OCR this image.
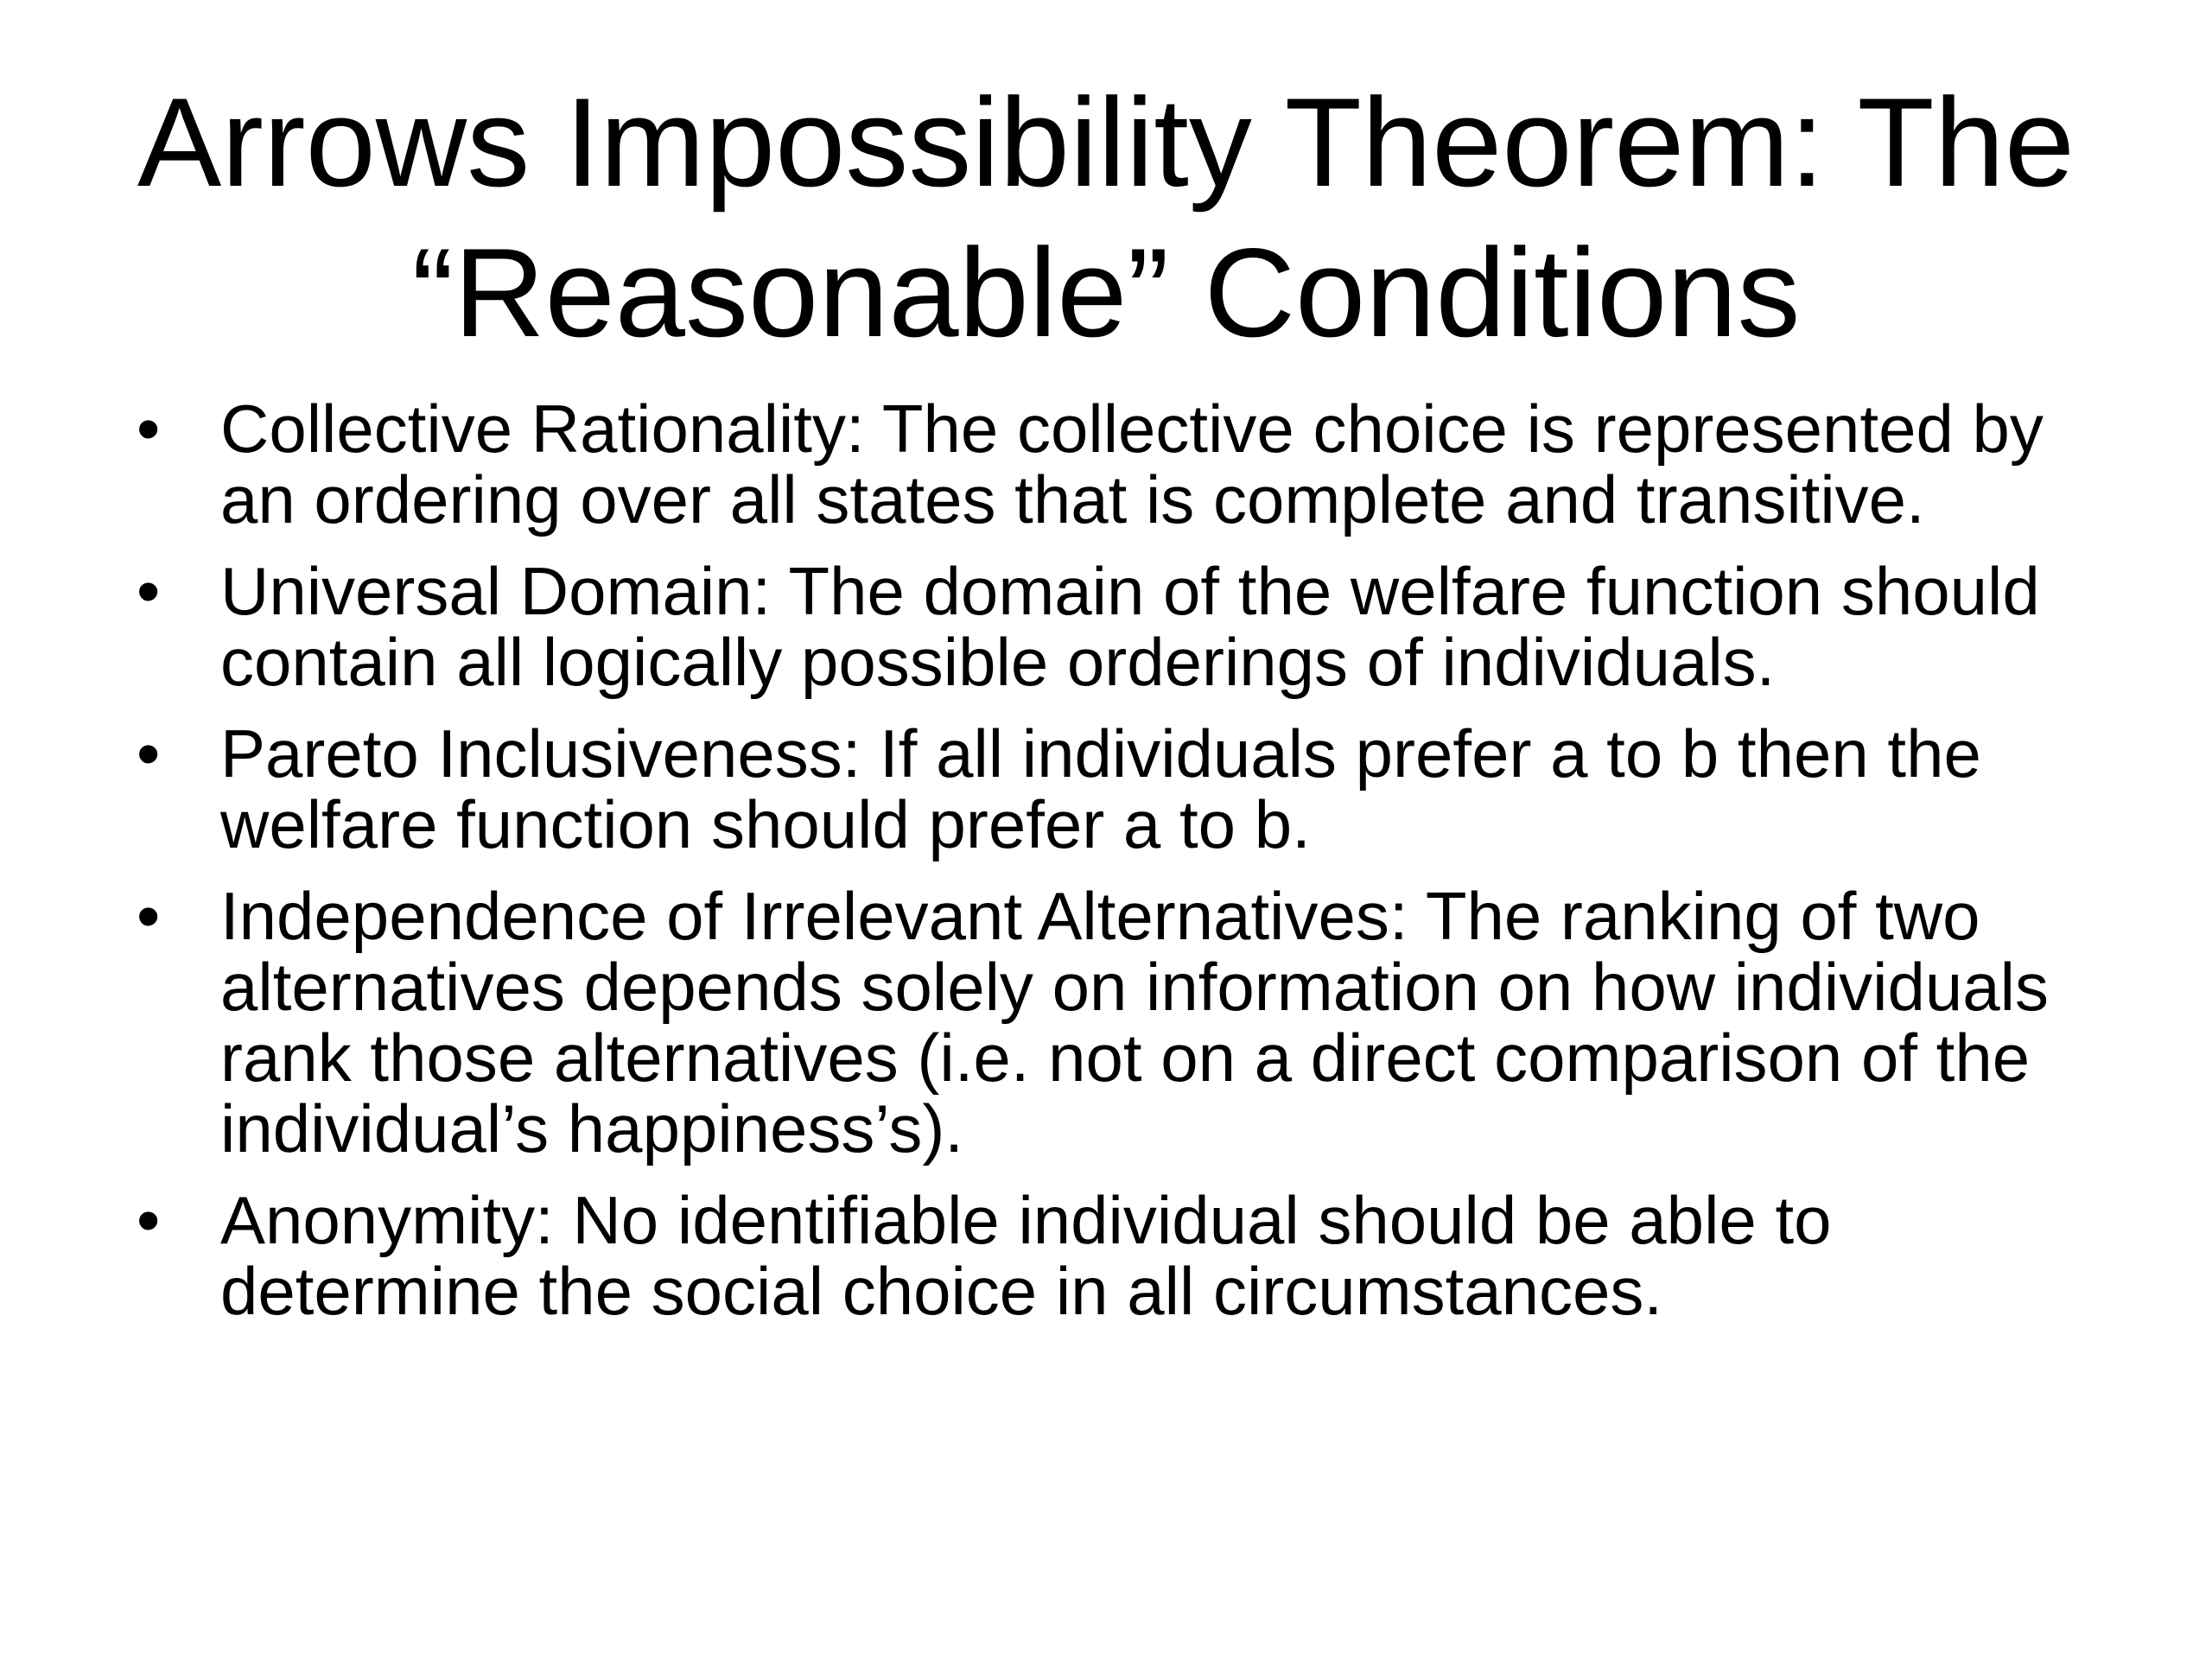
Arrows Impossibility Theorem: The
“Reasonable” Conditions
• Collective Rationality: The collective choice is represented by an ordering over all states that is complete and transitive.
• Universal Domain: The domain of the welfare function should contain all logically possible orderings of individuals.
• Pareto Inclusiveness: If all individuals prefer a to b then the welfare function should prefer a to b.
• Independence of Irrelevant Alternatives: The ranking of two alternatives depends solely on information on how individuals rank those alternatives (i.e. not on a direct comparison of the individual’s happiness’s).
• Anonymity: No identifiable individual should be able to determine the social choice in all circumstances.
